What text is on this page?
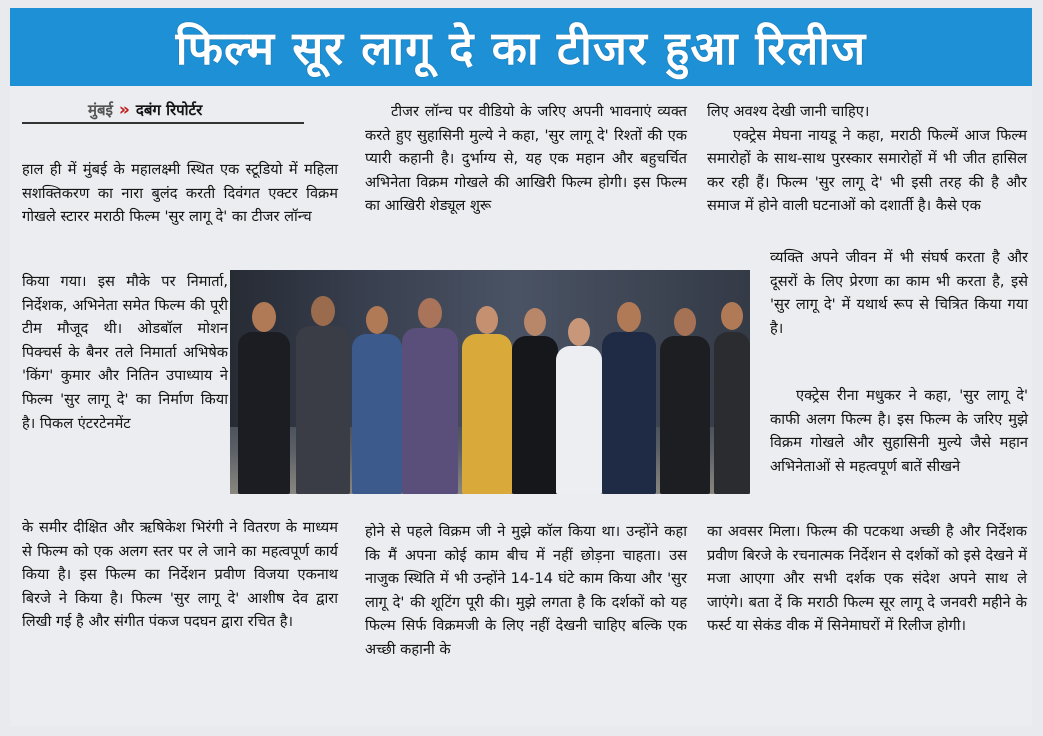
फिल्म सूर लागू दे का टीजर हुआ रिलीज
मुंबई » दबंग रिपोर्टर

हाल ही में मुंबई के महालक्ष्मी स्थित एक स्टूडियो में महिला सशक्तिकरण का नारा बुलंद करती दिवंगत एक्टर विक्रम गोखले स्टारर मराठी फिल्म 'सुर लागू दे' का टीजर लॉन्च

किया गया। इस मौके पर निमार्ता, निर्देशक, अभिनेता समेत फिल्म की पूरी टीम मौजूद थी। ओडबॉल मोशन पिक्चर्स के बैनर तले निमार्ता अभिषेक 'किंग' कुमार और नितिन उपाध्याय ने फिल्म 'सुर लागू दे' का निर्माण किया है। पिकल एंटरटेनमेंट

के समीर दीक्षित और ऋषिकेश भिरंगी ने वितरण के माध्यम से फिल्म को एक अलग स्तर पर ले जाने का महत्वपूर्ण कार्य किया है। इस फिल्म का निर्देशन प्रवीण विजया एकनाथ बिरजे ने किया है। फिल्म 'सुर लागू दे' आशीष देव द्वारा लिखी गई है और संगीत पंकज पदघन द्वारा रचित है।

टीजर लॉन्च पर वीडियो के जरिए अपनी भावनाएं व्यक्त करते हुए सुहासिनी मुल्ये ने कहा, 'सुर लागू दे' रिश्तों की एक प्यारी कहानी है। दुर्भाग्य से, यह एक महान और बहुचर्चित अभिनेता विक्रम गोखले की आखिरी फिल्म होगी। इस फिल्म का आखिरी शेड्यूल शुरू

होने से पहले विक्रम जी ने मुझे कॉल किया था। उन्होंने कहा कि मैं अपना कोई काम बीच में नहीं छोड़ना चाहता। उस नाजुक स्थिति में भी उन्होंने 14-14 घंटे काम किया और 'सुर लागू दे' की शूटिंग पूरी की। मुझे लगता है कि दर्शकों को यह फिल्म सिर्फ विक्रमजी के लिए नहीं देखनी चाहिए बल्कि एक अच्छी कहानी के

लिए अवश्य देखी जानी चाहिए।

एक्ट्रेस मेघना नायडू ने कहा, मराठी फिल्में आज फिल्म समारोहों के साथ-साथ पुरस्कार समारोहों में भी जीत हासिल कर रही हैं। फिल्म 'सुर लागू दे' भी इसी तरह की है और समाज में होने वाली घटनाओं को दशार्ती है। कैसे एक

व्यक्ति अपने जीवन में भी संघर्ष करता है और दूसरों के लिए प्रेरणा का काम भी करता है, इसे 'सुर लागू दे' में यथार्थ रूप से चित्रित किया गया है।

एक्ट्रेस रीना मधुकर ने कहा, 'सुर लागू दे' काफी अलग फिल्म है। इस फिल्म के जरिए मुझे विक्रम गोखले और सुहासिनी मुल्ये जैसे महान अभिनेताओं से महत्वपूर्ण बातें सीखने

का अवसर मिला। फिल्म की पटकथा अच्छी है और निर्देशक प्रवीण बिरजे के रचनात्मक निर्देशन से दर्शकों को इसे देखने में मजा आएगा और सभी दर्शक एक संदेश अपने साथ ले जाएंगे। बता दें कि मराठी फिल्म सूर लागू दे जनवरी महीने के फर्स्ट या सेकंड वीक में सिनेमाघरों में रिलीज होगी।
